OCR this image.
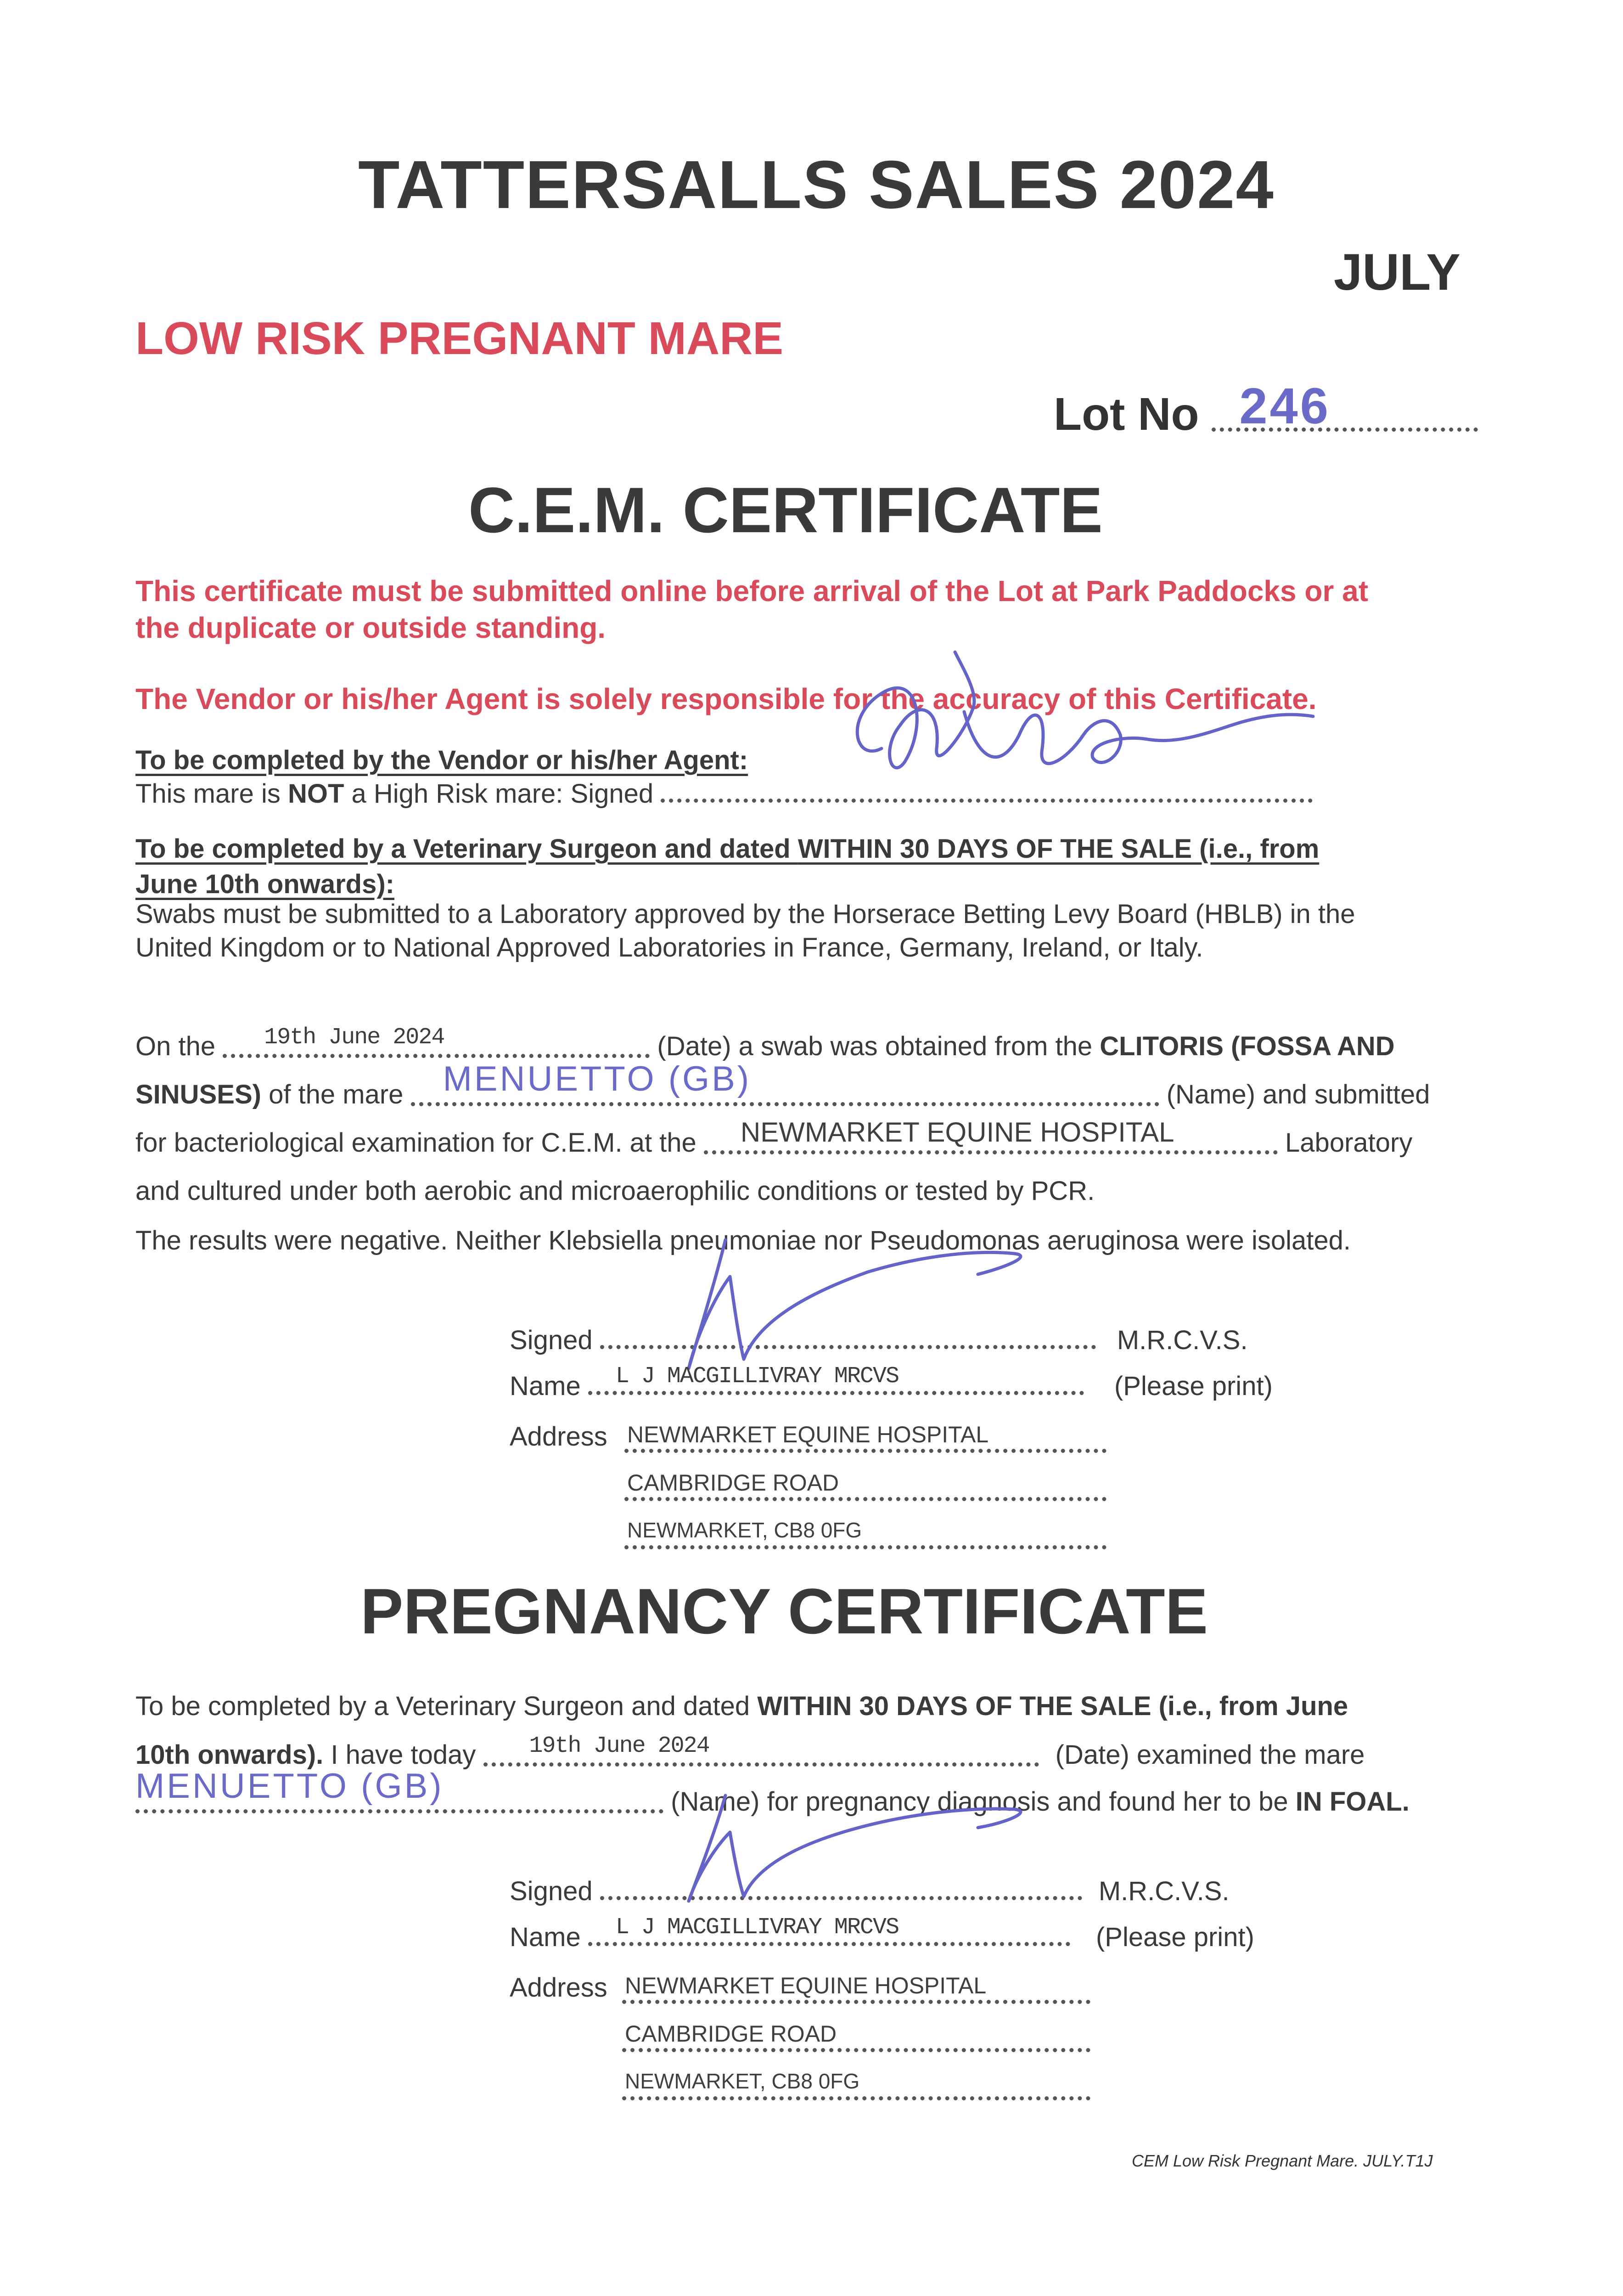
TATTERSALLS SALES 2024
JULY
LOW RISK PREGNANT MARE
Lot No 246
C.E.M. CERTIFICATE
This certificate must be submitted online before arrival of the Lot at Park Paddocks or at
the duplicate or outside standing.
The Vendor or his/her Agent is solely responsible for the accuracy of this Certificate.
To be completed by the Vendor or his/her Agent:
This mare is NOT a High Risk mare: Signed
To be completed by a Veterinary Surgeon and dated WITHIN 30 DAYS OF THE SALE (i.e., from
June 10th onwards):
Swabs must be submitted to a Laboratory approved by the Horserace Betting Levy Board (HBLB) in the
United Kingdom or to National Approved Laboratories in France, Germany, Ireland, or Italy.
On the 19th June 2024	(Date) a swab was obtained from the CLITORIS (FOSSA AND
SINUSES) of the mare MENUETTO (GB)	(Name) and submitted
for bacteriological examination for C.E.M. at the NEWMARKET EQUINE HOSPITAL	Laboratory
and cultured under both aerobic and microaerophilic conditions or tested by PCR.
The results were negative. Neither Klebsiella pneumoniae nor Pseudomonas aeruginosa were isolated.
Signed	M.R.C.V.S.
Name L J MACGILLIVRAY MRCVS	(Please print)
Address NEWMARKET EQUINE HOSPITAL
CAMBRIDGE ROAD
NEWMARKET, CB8 0FG
PREGNANCY CERTIFICATE
To be completed by a Veterinary Surgeon and dated WITHIN 30 DAYS OF THE SALE (i.e., from June
10th onwards). I have today 19th June 2024	(Date) examined the mare
MENUETTO (GB)	(Name) for pregnancy diagnosis and found her to be IN FOAL.
Signed	M.R.C.V.S.
Name L J MACGILLIVRAY MRCVS	(Please print)
Address NEWMARKET EQUINE HOSPITAL
CAMBRIDGE ROAD
NEWMARKET, CB8 0FG
CEM Low Risk Pregnant Mare. JULY.T1J
